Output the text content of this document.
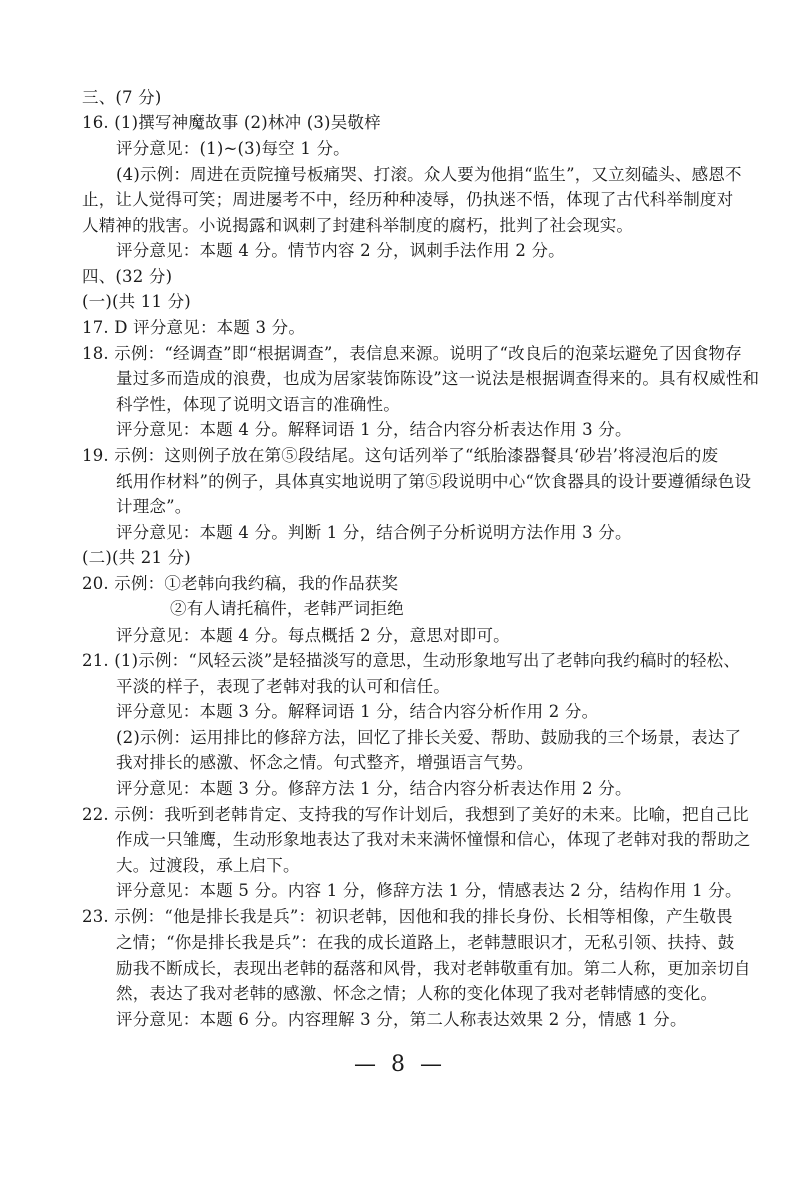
三、(7 分)
16. (1)撰写神魔故事 (2)林冲 (3)吴敬梓
评分意见：(1)~(3)每空 1 分。
(4)示例：周进在贡院撞号板痛哭、打滚。众人要为他捐“监生”，又立刻磕头、感恩不
止，让人觉得可笑；周进屡考不中，经历种种凌辱，仍执迷不悟，体现了古代科举制度对
人精神的戕害。小说揭露和讽刺了封建科举制度的腐朽，批判了社会现实。
评分意见：本题 4 分。情节内容 2 分，讽刺手法作用 2 分。
四、(32 分)
(一)(共 11 分)
17. D 评分意见：本题 3 分。
18. 示例：“经调查”即“根据调查”，表信息来源。说明了“改良后的泡菜坛避免了因食物存
量过多而造成的浪费，也成为居家装饰陈设”这一说法是根据调查得来的。具有权威性和
科学性，体现了说明文语言的准确性。
评分意见：本题 4 分。解释词语 1 分，结合内容分析表达作用 3 分。
19. 示例：这则例子放在第⑤段结尾。这句话列举了“纸胎漆器餐具‘砂岩’将浸泡后的废
纸用作材料”的例子，具体真实地说明了第⑤段说明中心“饮食器具的设计要遵循绿色设
计理念”。
评分意见：本题 4 分。判断 1 分，结合例子分析说明方法作用 3 分。
(二)(共 21 分)
20. 示例：①老韩向我约稿，我的作品获奖
②有人请托稿件，老韩严词拒绝
评分意见：本题 4 分。每点概括 2 分，意思对即可。
21. (1)示例：“风轻云淡”是轻描淡写的意思，生动形象地写出了老韩向我约稿时的轻松、
平淡的样子，表现了老韩对我的认可和信任。
评分意见：本题 3 分。解释词语 1 分，结合内容分析作用 2 分。
(2)示例：运用排比的修辞方法，回忆了排长关爱、帮助、鼓励我的三个场景，表达了
我对排长的感激、怀念之情。句式整齐，增强语言气势。
评分意见：本题 3 分。修辞方法 1 分，结合内容分析表达作用 2 分。
22. 示例：我听到老韩肯定、支持我的写作计划后，我想到了美好的未来。比喻，把自己比
作成一只雏鹰，生动形象地表达了我对未来满怀憧憬和信心，体现了老韩对我的帮助之
大。过渡段，承上启下。
评分意见：本题 5 分。内容 1 分，修辞方法 1 分，情感表达 2 分，结构作用 1 分。
23. 示例：“他是排长我是兵”：初识老韩，因他和我的排长身份、长相等相像，产生敬畏
之情；“你是排长我是兵”：在我的成长道路上，老韩慧眼识才，无私引领、扶持、鼓
励我不断成长，表现出老韩的磊落和风骨，我对老韩敬重有加。第二人称，更加亲切自
然，表达了我对老韩的感激、怀念之情；人称的变化体现了我对老韩情感的变化。
评分意见：本题 6 分。内容理解 3 分，第二人称表达效果 2 分，情感 1 分。
— 8 —
